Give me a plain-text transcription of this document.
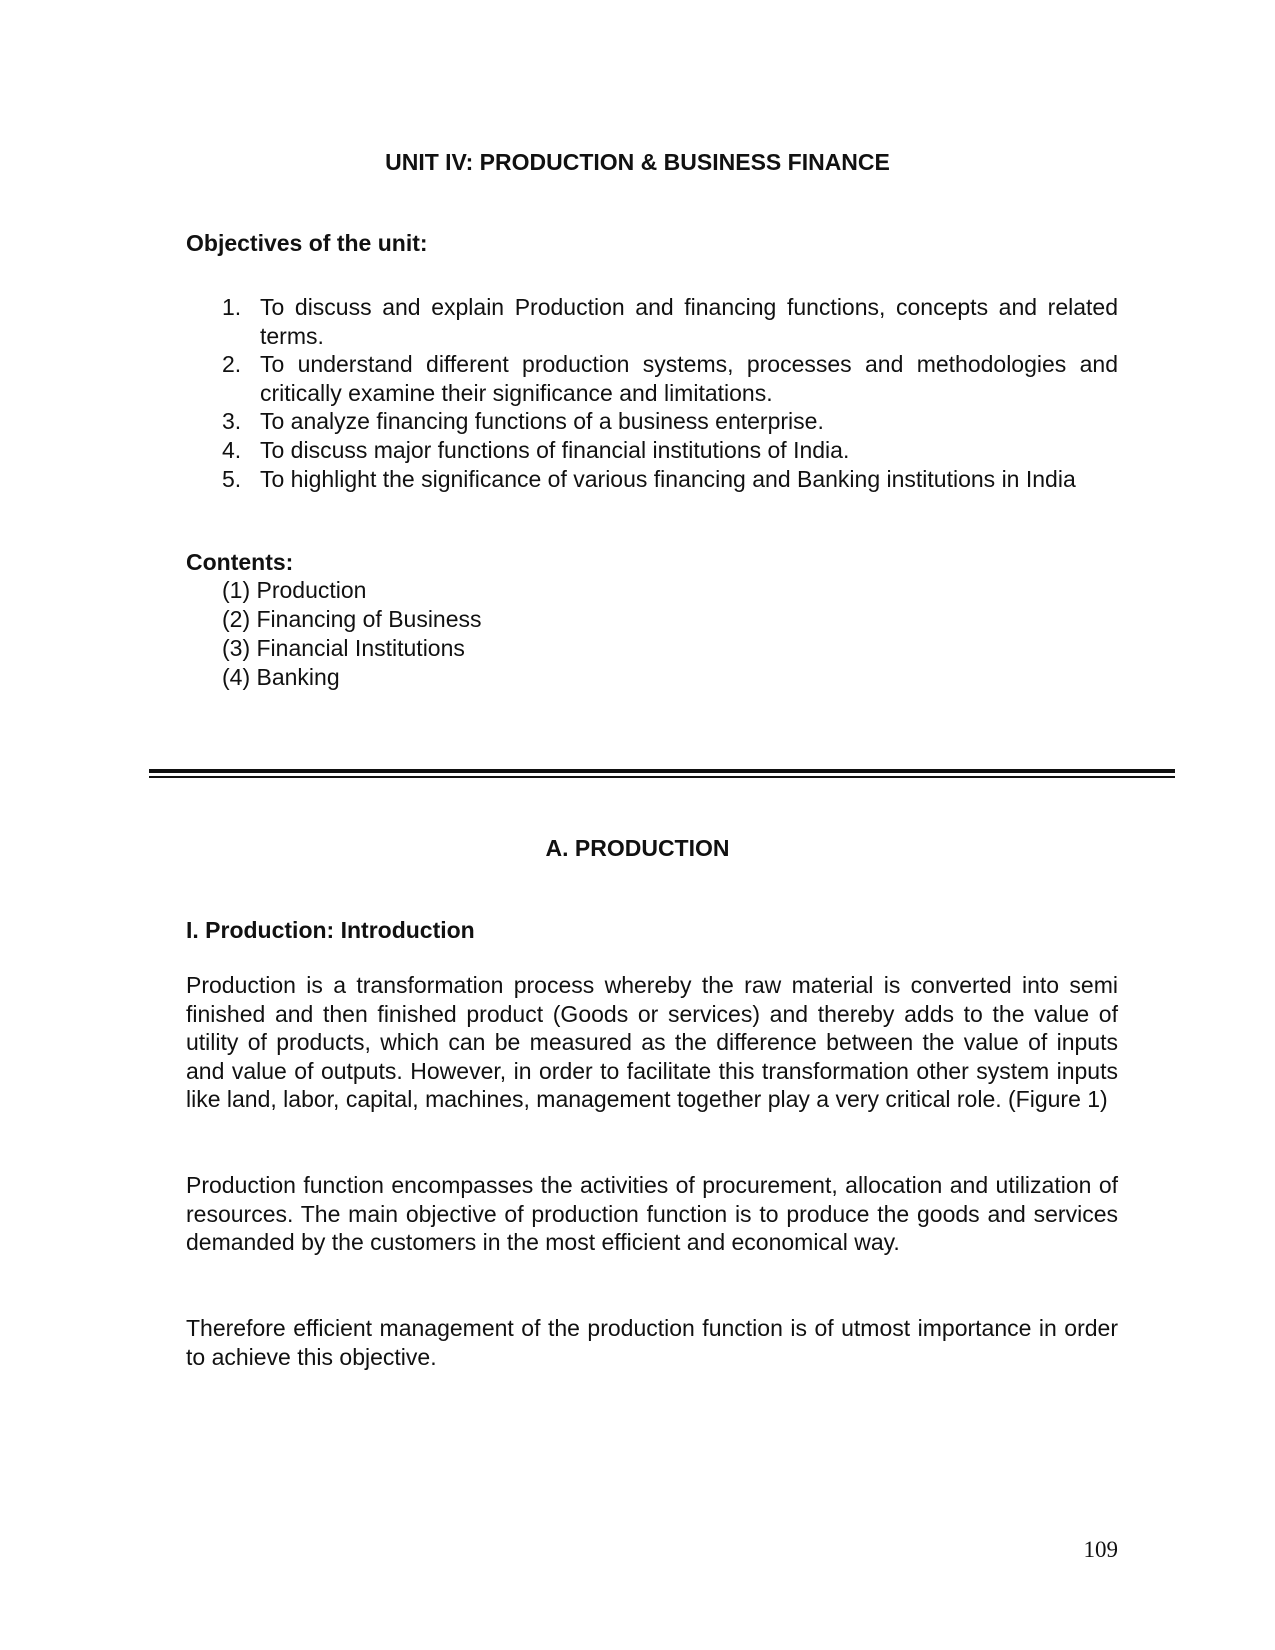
UNIT IV: PRODUCTION & BUSINESS FINANCE
Objectives of the unit:
1. To discuss and explain Production and financing functions, concepts and related terms.
2. To understand different production systems, processes and methodologies and critically examine their significance and limitations.
3. To analyze financing functions of a business enterprise.
4. To discuss major functions of financial institutions of India.
5. To highlight the significance of various financing and Banking institutions in India
Contents:
(1) Production
(2) Financing of Business
(3) Financial Institutions
(4) Banking
A. PRODUCTION
I. Production: Introduction

Production is a transformation process whereby the raw material is converted into semi finished and then finished product (Goods or services) and thereby adds to the value of utility of products, which can be measured as the difference between the value of inputs and value of outputs. However, in order to facilitate this transformation other system inputs like land, labor, capital, machines, management together play a very critical role. (Figure 1)

Production function encompasses the activities of procurement, allocation and utilization of resources. The main objective of production function is to produce the goods and services demanded by the customers in the most efficient and economical way.

Therefore efficient management of the production function is of utmost importance in order to achieve this objective.

109
